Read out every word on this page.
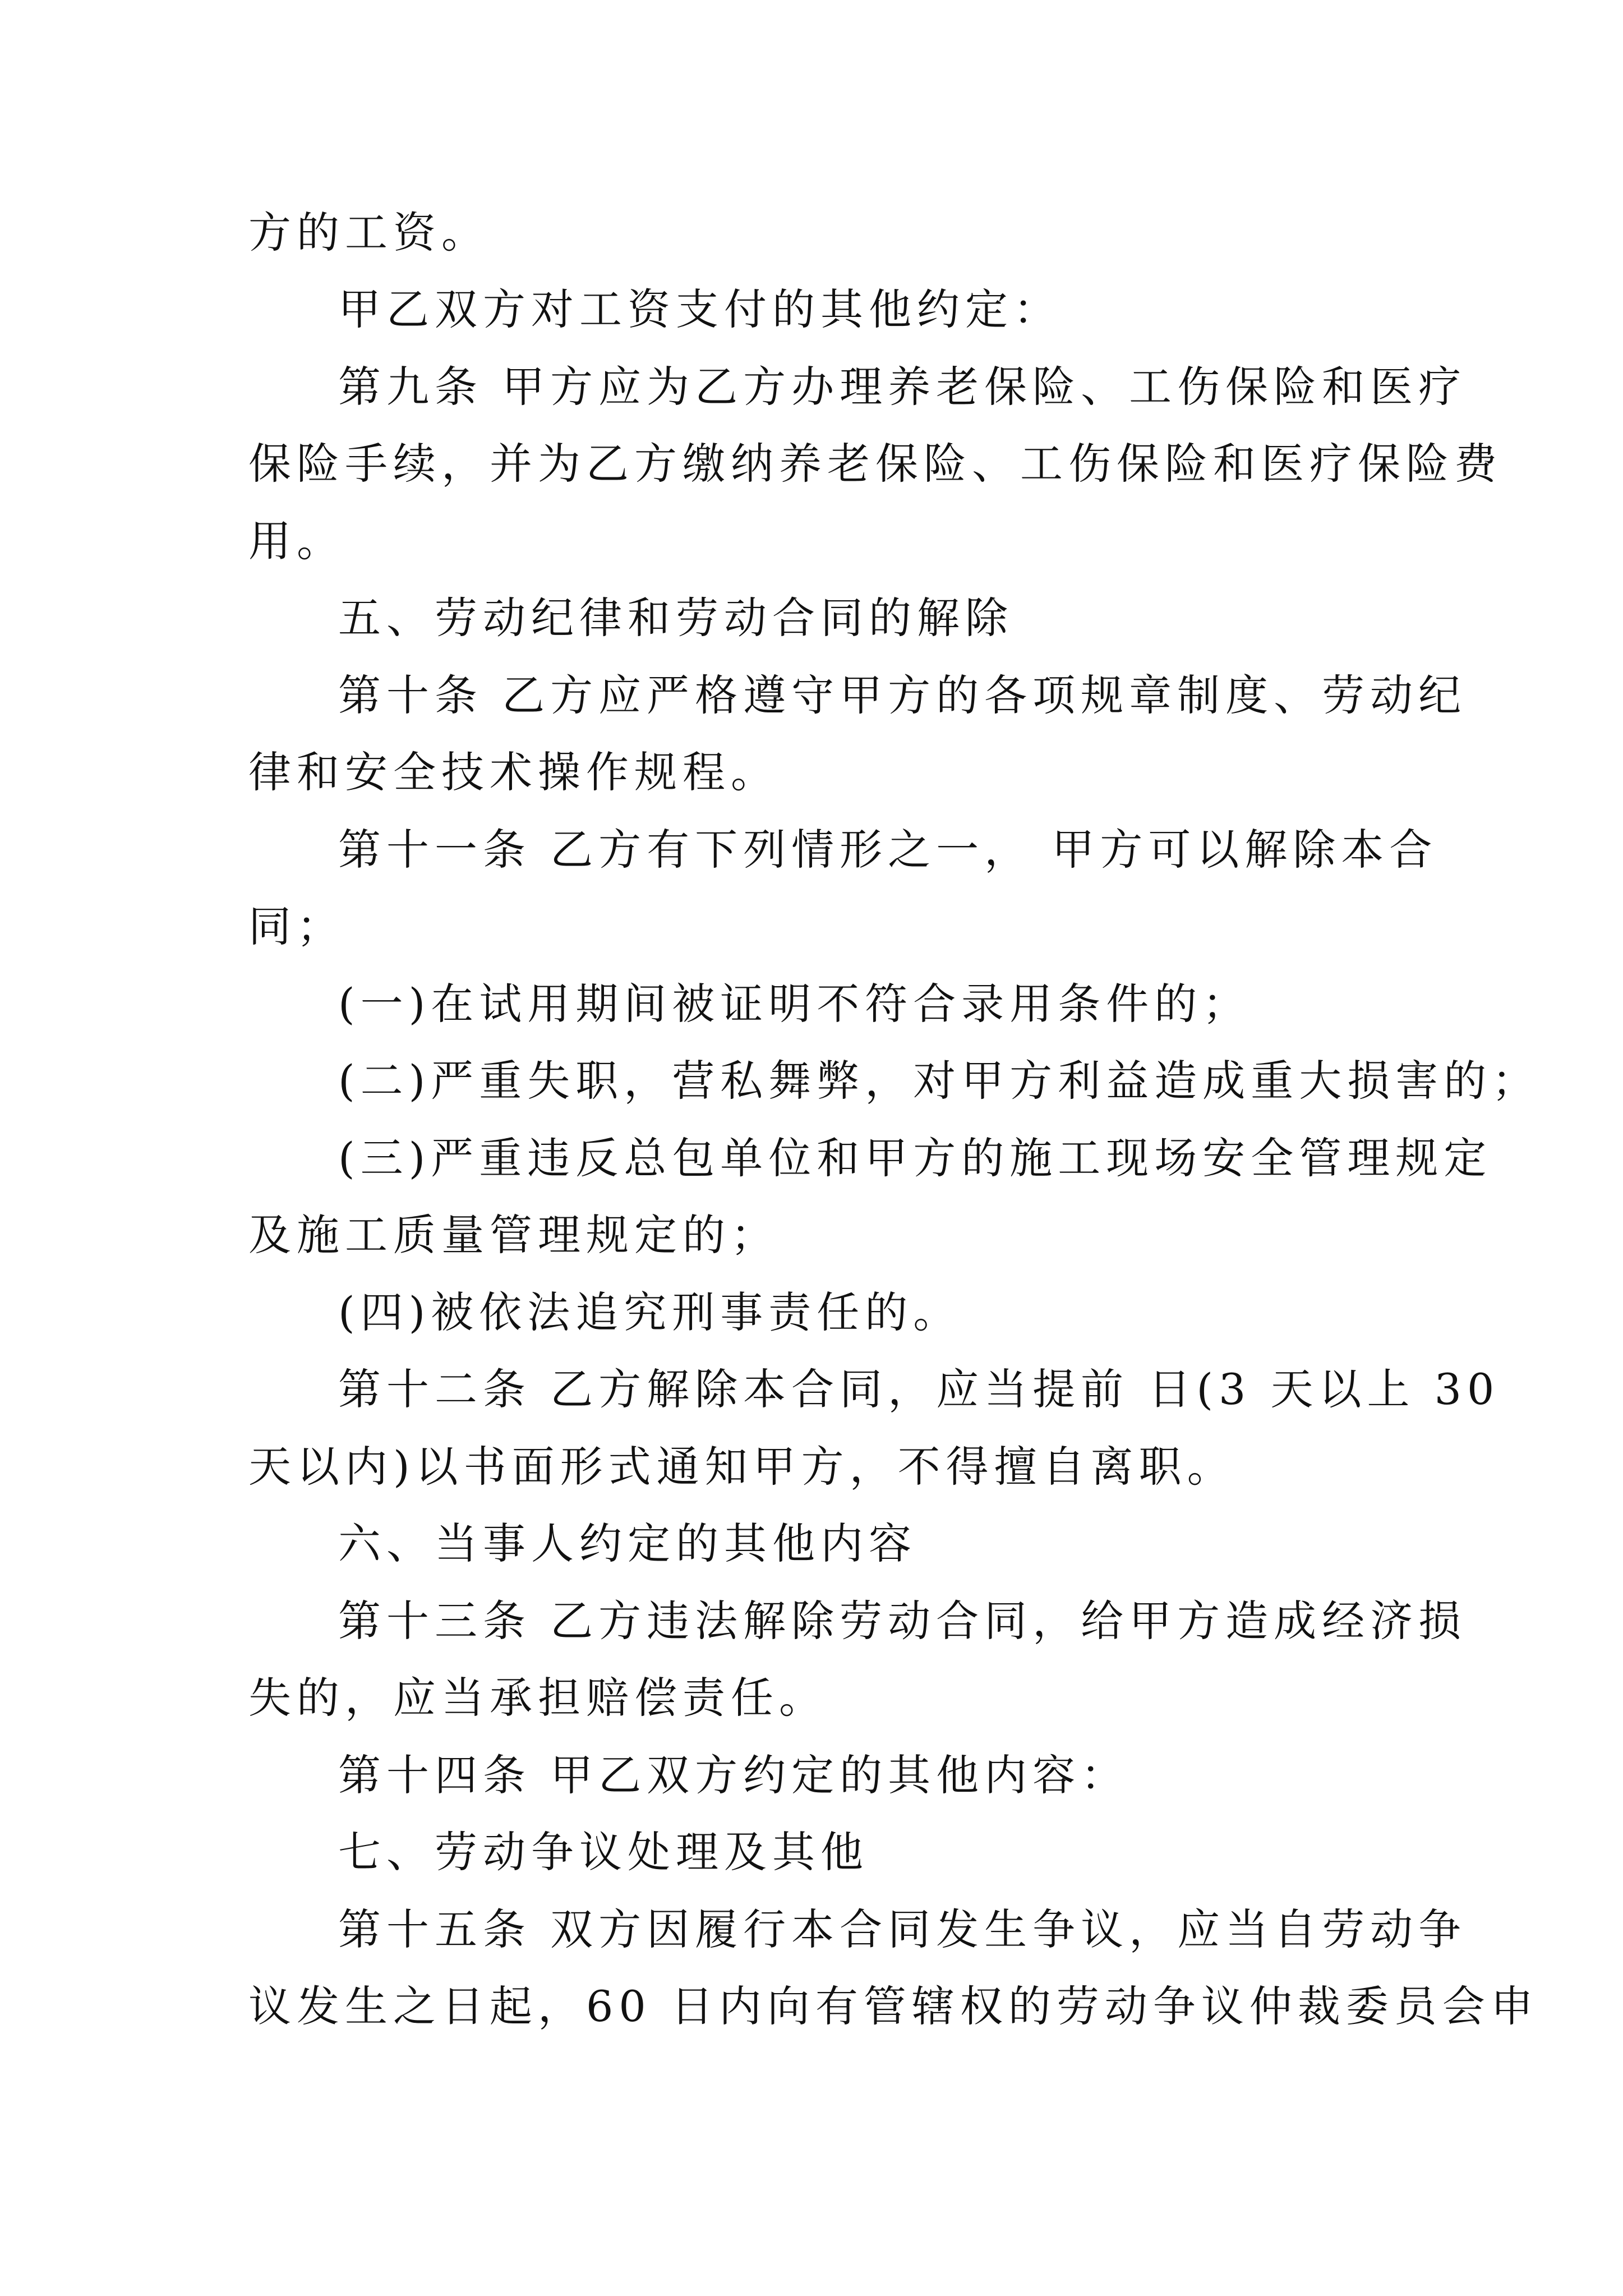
方的工资。
甲乙双方对工资支付的其他约定：
第九条 甲方应为乙方办理养老保险、工伤保险和医疗
保险手续，并为乙方缴纳养老保险、工伤保险和医疗保险费
用。
五、劳动纪律和劳动合同的解除
第十条 乙方应严格遵守甲方的各项规章制度、劳动纪
律和安全技术操作规程。
第十一条 乙方有下列情形之一， 甲方可以解除本合
同；
(一)在试用期间被证明不符合录用条件的；
(二)严重失职，营私舞弊，对甲方利益造成重大损害的；
(三)严重违反总包单位和甲方的施工现场安全管理规定
及施工质量管理规定的；
(四)被依法追究刑事责任的。
第十二条 乙方解除本合同，应当提前 日(3 天以上 30
天以内)以书面形式通知甲方，不得擅自离职。
六、当事人约定的其他内容
第十三条 乙方违法解除劳动合同，给甲方造成经济损
失的，应当承担赔偿责任。
第十四条 甲乙双方约定的其他内容：
七、劳动争议处理及其他
第十五条 双方因履行本合同发生争议，应当自劳动争
议发生之日起，60 日内向有管辖权的劳动争议仲裁委员会申
